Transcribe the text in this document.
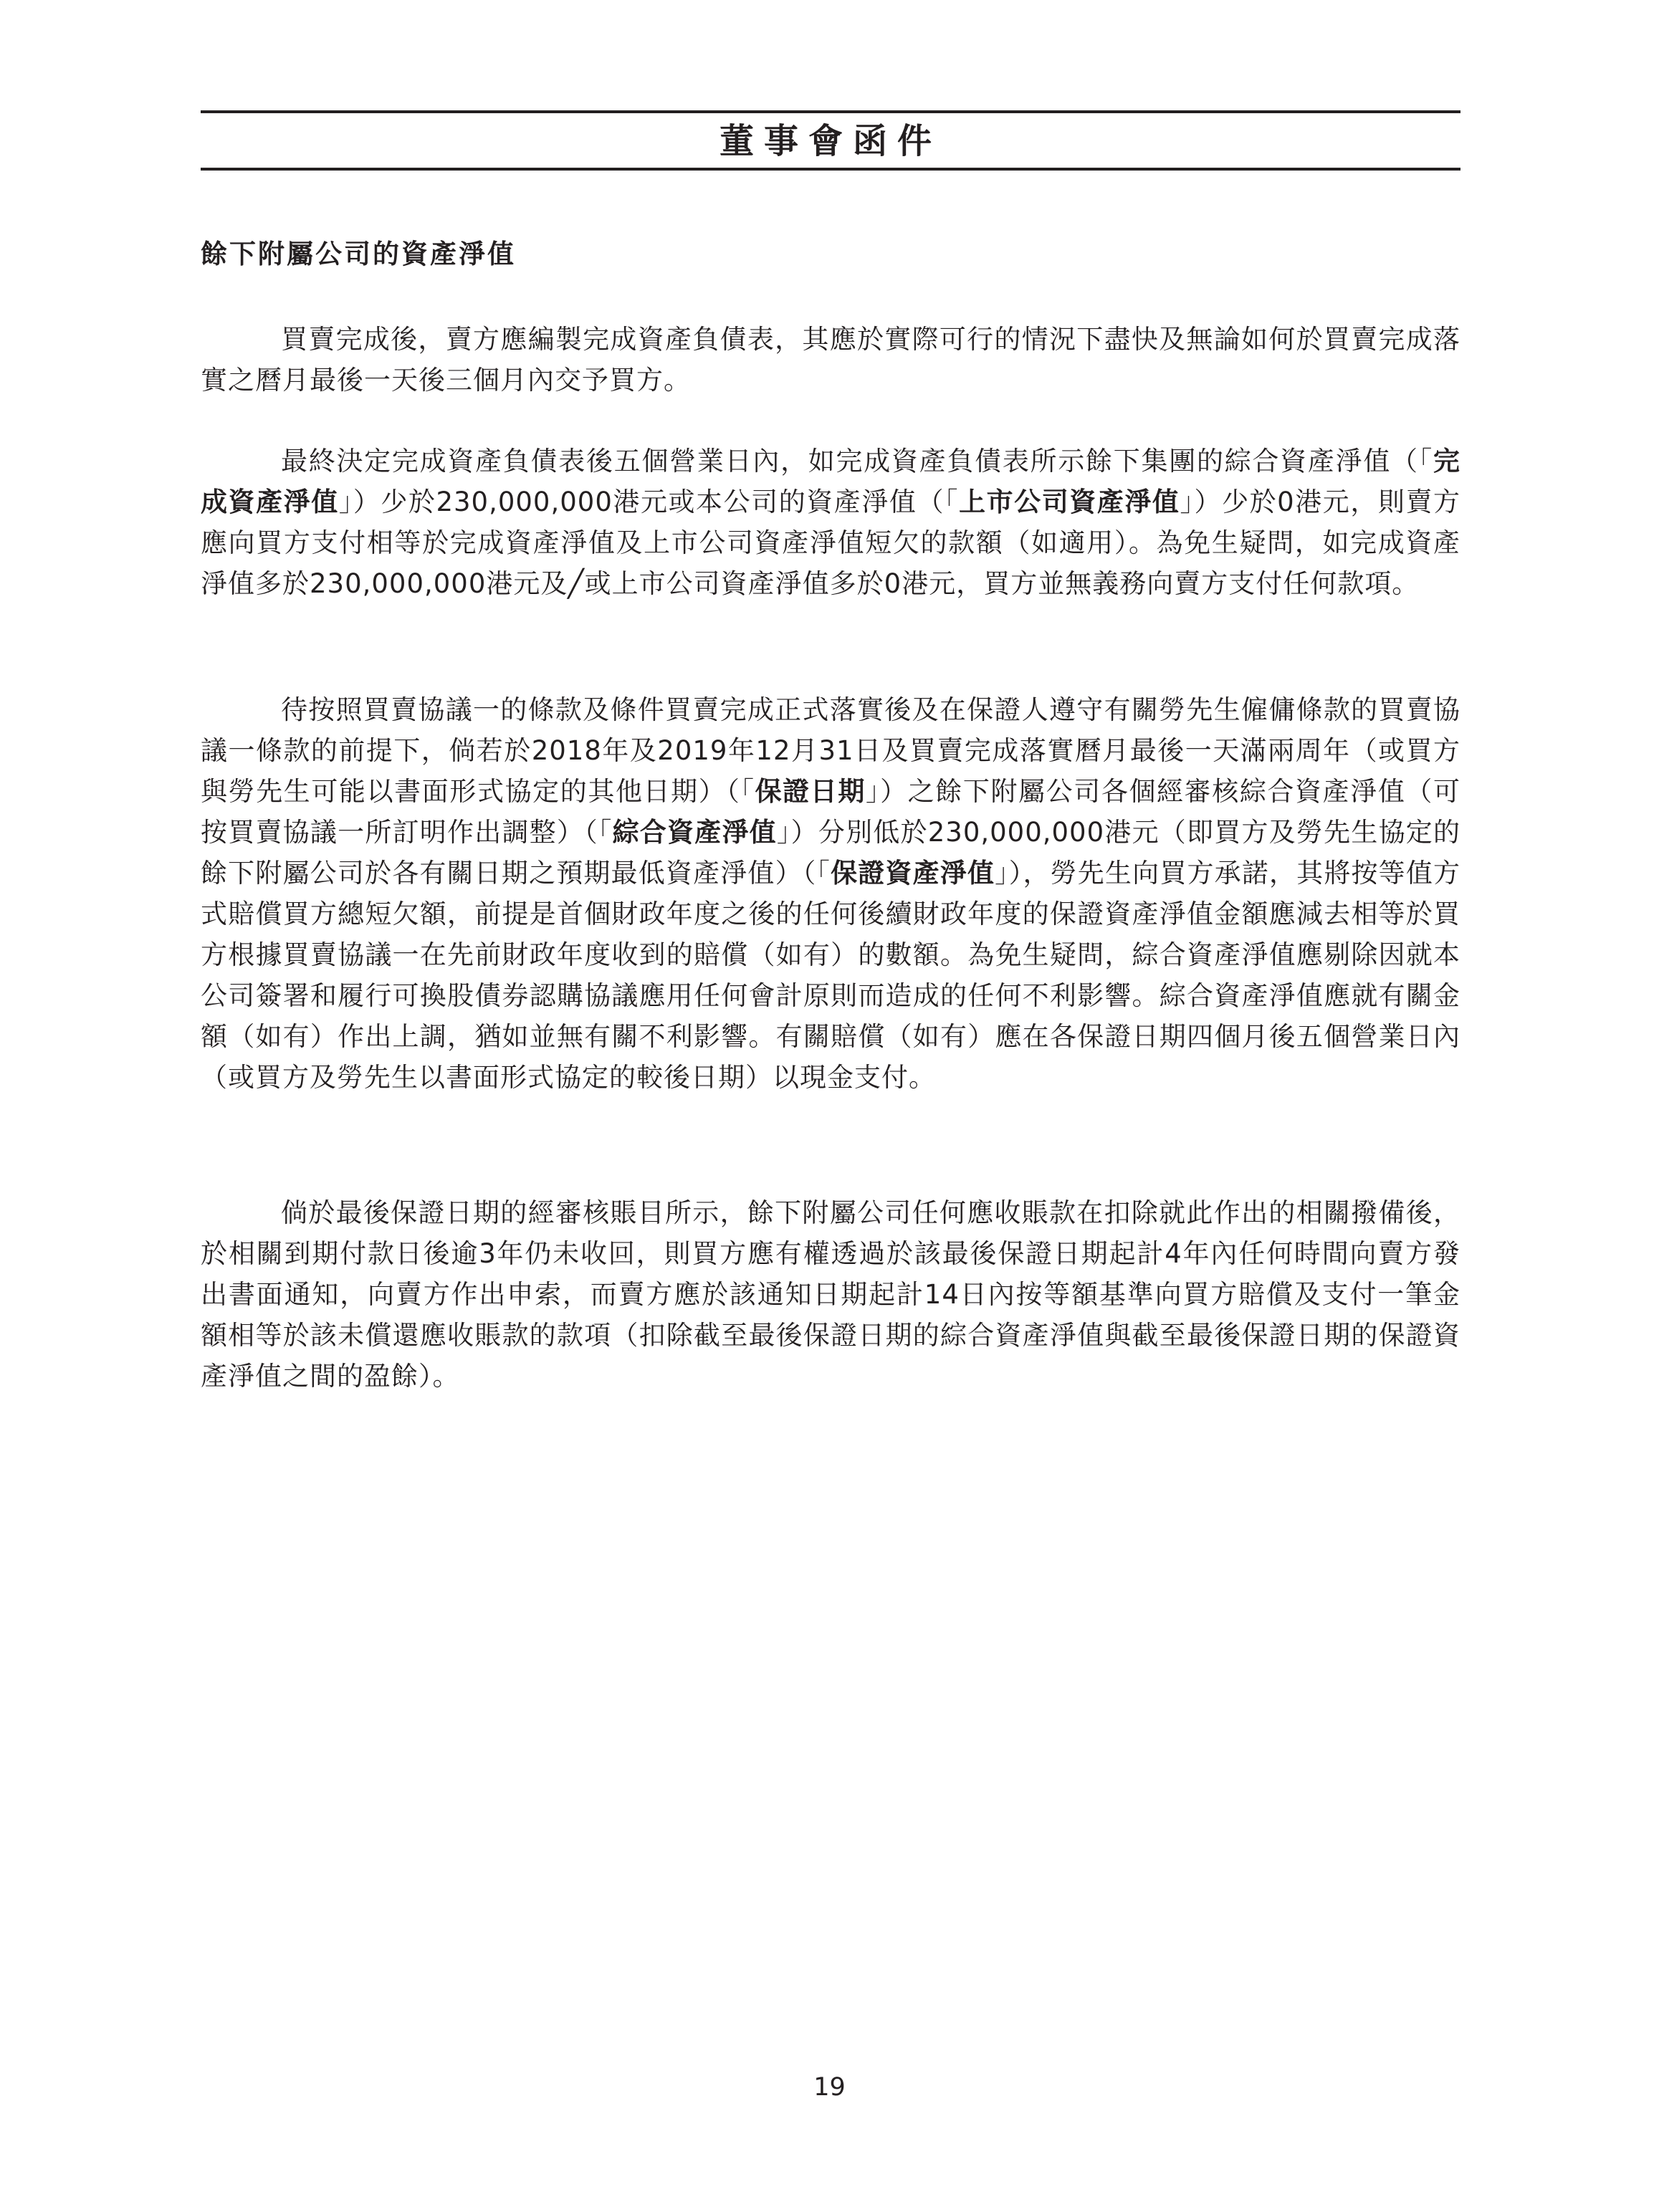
董事會函件
餘下附屬公司的資產淨值

買賣完成後，賣方應編製完成資產負債表，其應於實際可行的情況下盡快及無論如何於買賣完成落實之曆月最後一天後三個月內交予買方。

最終決定完成資產負債表後五個營業日內，如完成資產負債表所示餘下集團的綜合資產淨值（「完成資產淨值」）少於230,000,000港元或本公司的資產淨值（「上市公司資產淨值」）少於0港元，則賣方應向買方支付相等於完成資產淨值及上市公司資產淨值短欠的款額（如適用）。為免生疑問，如完成資產淨值多於230,000,000港元及╱或上市公司資產淨值多於0港元，買方並無義務向賣方支付任何款項。

待按照買賣協議一的條款及條件買賣完成正式落實後及在保證人遵守有關勞先生僱傭條款的買賣協議一條款的前提下，倘若於2018年及2019年12月31日及買賣完成落實曆月最後一天滿兩周年（或買方與勞先生可能以書面形式協定的其他日期）（「保證日期」）之餘下附屬公司各個經審核綜合資產淨值（可按買賣協議一所訂明作出調整）（「綜合資產淨值」）分別低於230,000,000港元（即買方及勞先生協定的餘下附屬公司於各有關日期之預期最低資產淨值）（「保證資產淨值」），勞先生向買方承諾，其將按等值方式賠償買方總短欠額，前提是首個財政年度之後的任何後續財政年度的保證資產淨值金額應減去相等於買方根據買賣協議一在先前財政年度收到的賠償（如有）的數額。為免生疑問，綜合資產淨值應剔除因就本公司簽署和履行可換股債券認購協議應用任何會計原則而造成的任何不利影響。綜合資產淨值應就有關金額（如有）作出上調，猶如並無有關不利影響。有關賠償（如有）應在各保證日期四個月後五個營業日內（或買方及勞先生以書面形式協定的較後日期）以現金支付。

倘於最後保證日期的經審核賬目所示，餘下附屬公司任何應收賬款在扣除就此作出的相關撥備後，於相關到期付款日後逾3年仍未收回，則買方應有權透過於該最後保證日期起計4年內任何時間向賣方發出書面通知，向賣方作出申索，而賣方應於該通知日期起計14日內按等額基準向買方賠償及支付一筆金額相等於該未償還應收賬款的款項（扣除截至最後保證日期的綜合資產淨值與截至最後保證日期的保證資產淨值之間的盈餘）。

19
